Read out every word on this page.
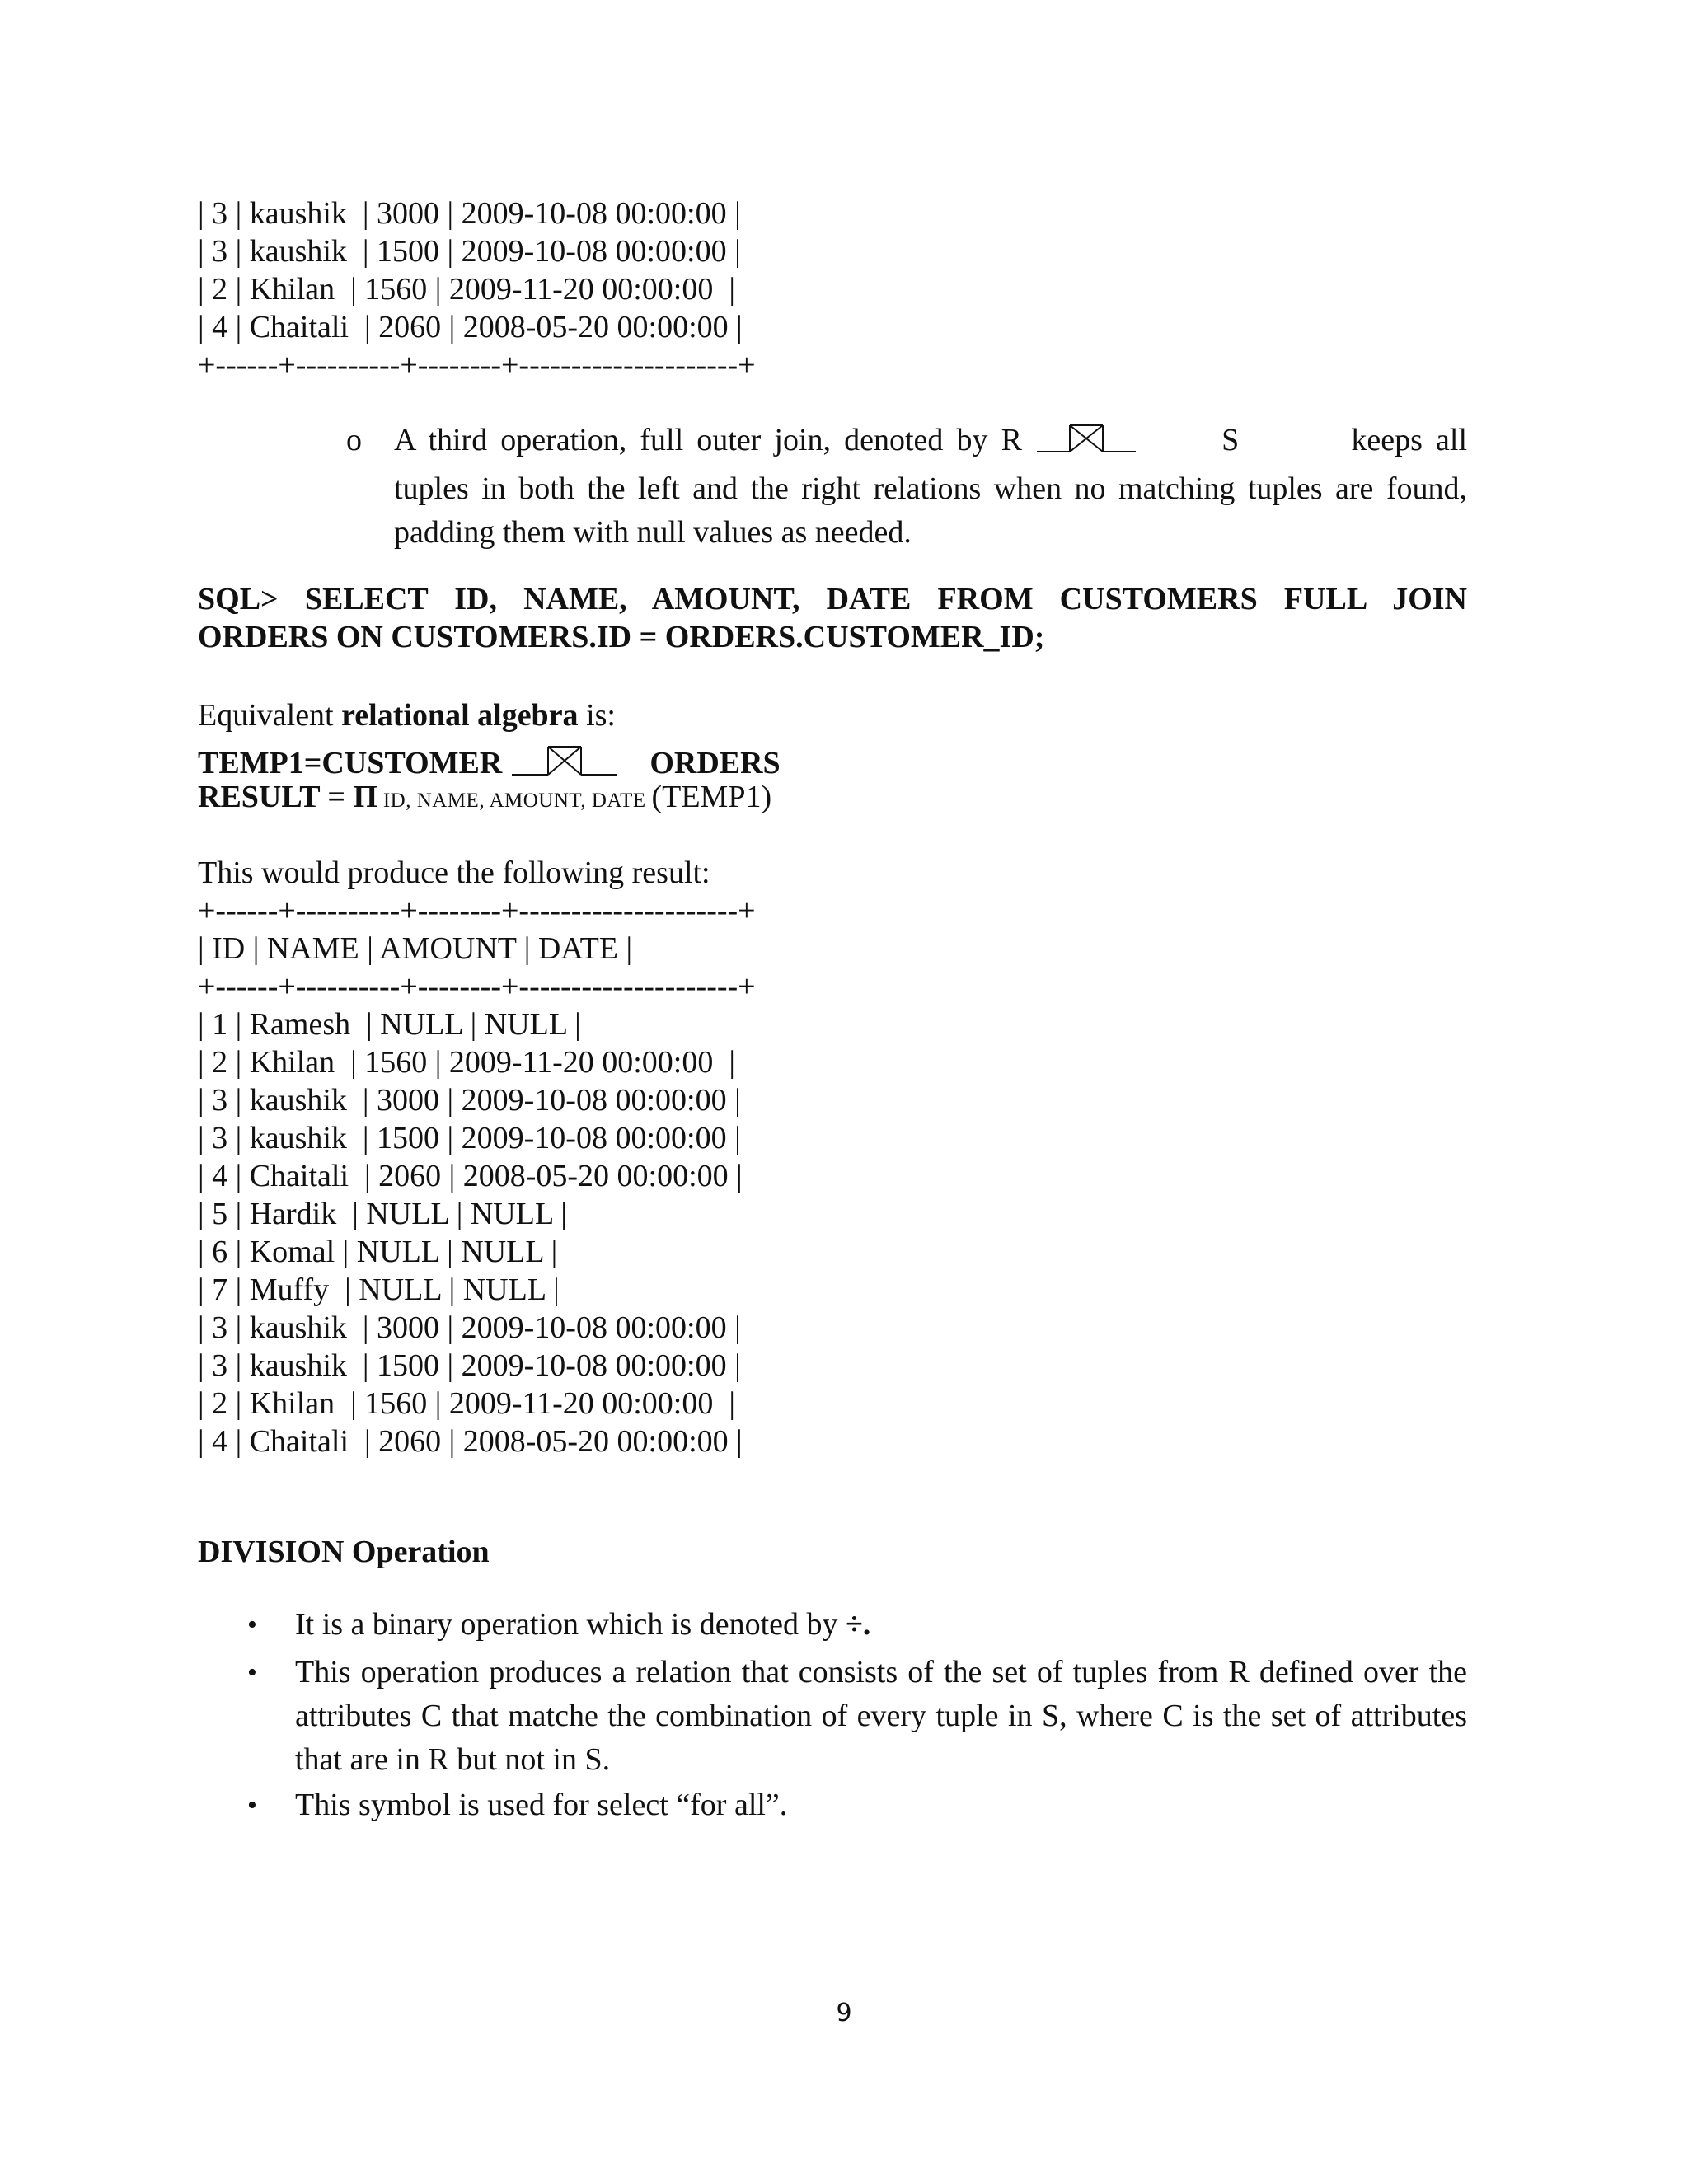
| 3 | kaushik  | 3000 | 2009-10-08 00:00:00 |
| 3 | kaushik  | 1500 | 2009-10-08 00:00:00 |
| 2 | Khilan  | 1560 | 2009-11-20 00:00:00  |
| 4 | Chaitali  | 2060 | 2008-05-20 00:00:00 |
+------+----------+--------+---------------------+
o A third operation, full outer join, denoted by R	S	keeps all tuples in both the left and the right relations when no matching tuples are found, padding them with null values as needed.
SQL> SELECT ID, NAME, AMOUNT, DATE FROM CUSTOMERS FULL JOIN
ORDERS ON CUSTOMERS.ID = ORDERS.CUSTOMER_ID;
Equivalent relational algebra is:
TEMP1=CUSTOMER	ORDERS
RESULT = Π ID, NAME, AMOUNT, DATE (TEMP1)
This would produce the following result:
+------+----------+--------+---------------------+
| ID | NAME | AMOUNT | DATE |
+------+----------+--------+---------------------+
| 1 | Ramesh  | NULL | NULL |
| 2 | Khilan  | 1560 | 2009-11-20 00:00:00  |
| 3 | kaushik  | 3000 | 2009-10-08 00:00:00 |
| 3 | kaushik  | 1500 | 2009-10-08 00:00:00 |
| 4 | Chaitali  | 2060 | 2008-05-20 00:00:00 |
| 5 | Hardik  | NULL | NULL |
| 6 | Komal | NULL | NULL |
| 7 | Muffy  | NULL | NULL |
| 3 | kaushik  | 3000 | 2009-10-08 00:00:00 |
| 3 | kaushik  | 1500 | 2009-10-08 00:00:00 |
| 2 | Khilan  | 1560 | 2009-11-20 00:00:00  |
| 4 | Chaitali  | 2060 | 2008-05-20 00:00:00 |
DIVISION Operation
• It is a binary operation which is denoted by ÷.
• This operation produces a relation that consists of the set of tuples from R defined over the attributes C that matche the combination of every tuple in S, where C is the set of attributes that are in R but not in S.
• This symbol is used for select “for all”.
9
